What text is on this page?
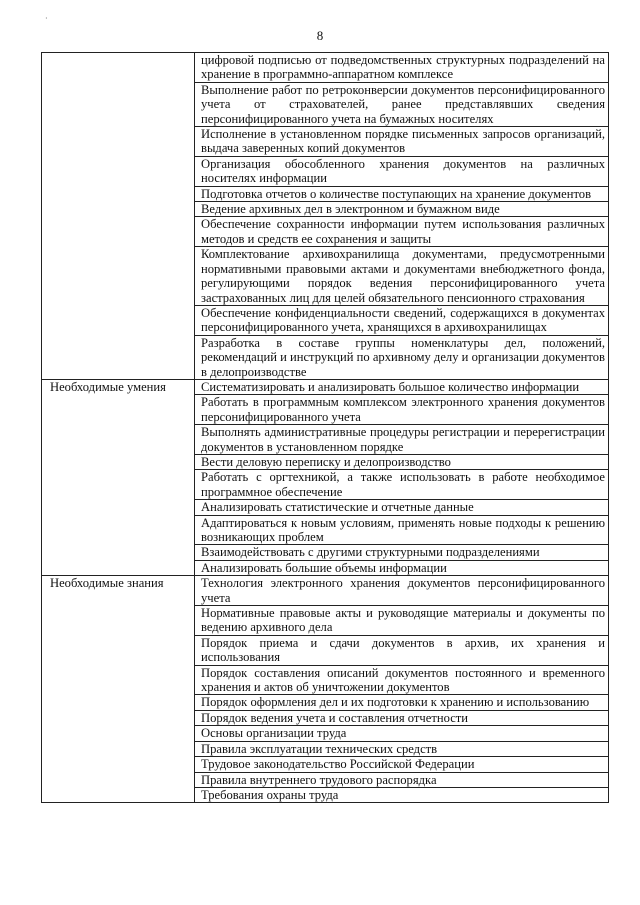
·
8
	цифровой подписью от подведомственных структурных подразделений на хранение в программно-аппаратном комплексе
	Выполнение работ по ретроконверсии документов персонифицированного учета от страхователей, ранее представлявших сведения персонифицированного учета на бумажных носителях
	Исполнение в установленном порядке письменных запросов организаций, выдача заверенных копий документов
	Организация обособленного хранения документов на различных носителях информации
	Подготовка отчетов о количестве поступающих на хранение документов
	Ведение архивных дел в электронном и бумажном виде
	Обеспечение сохранности информации путем использования различных методов и средств ее сохранения и защиты
	Комплектование архивохранилища документами, предусмотренными нормативными правовыми актами и документами внебюджетного фонда, регулирующими порядок ведения персонифицированного учета застрахованных лиц для целей обязательного пенсионного страхования
	Обеспечение конфиденциальности сведений, содержащихся в документах персонифицированного учета, хранящихся в архивохранилищах
	Разработка в составе группы номенклатуры дел, положений, рекомендаций и инструкций по архивному делу и организации документов в делопроизводстве
Необходимые умения	Систематизировать и анализировать большое количество информации
	Работать в программным комплексом электронного хранения документов персонифицированного учета
	Выполнять административные процедуры регистрации и перерегистрации документов в установленном порядке
	Вести деловую переписку и делопроизводство
	Работать с оргтехникой, а также использовать в работе необходимое программное обеспечение
	Анализировать статистические и отчетные данные
	Адаптироваться к новым условиям, применять новые подходы к решению возникающих проблем
	Взаимодействовать с другими структурными подразделениями
	Анализировать большие объемы информации
Необходимые знания	Технология электронного хранения документов персонифицированного учета
	Нормативные правовые акты и руководящие материалы и документы по ведению архивного дела
	Порядок приема и сдачи документов в архив, их хранения и использования
	Порядок составления описаний документов постоянного и временного хранения и актов об уничтожении документов
	Порядок оформления дел и их подготовки к хранению и использованию
	Порядок ведения учета и составления отчетности
	Основы организации труда
	Правила эксплуатации технических средств
	Трудовое законодательство Российской Федерации
	Правила внутреннего трудового распорядка
	Требования охраны труда
